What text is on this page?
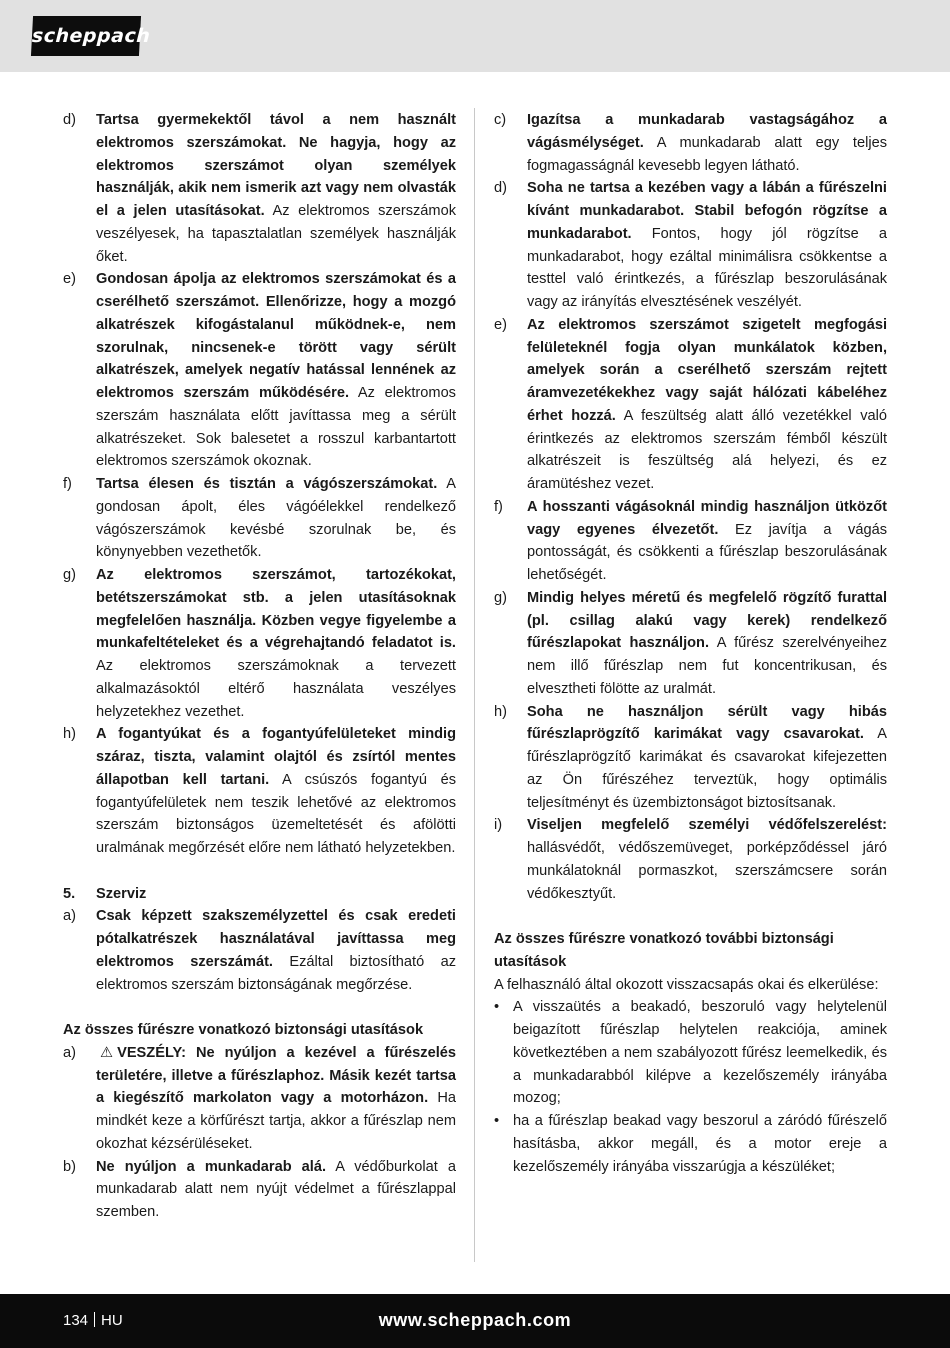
scheppach
d)	Tartsa gyermekektől távol a nem használt elektromos szerszámokat. Ne hagyja, hogy az elektromos szerszámot olyan személyek használják, akik nem ismerik azt vagy nem olvasták el a jelen utasításokat. Az elektromos szerszámok veszélyesek, ha tapasztalatlan személyek használják őket.
e)	Gondosan ápolja az elektromos szerszámokat és a cserélhető szerszámot. Ellenőrizze, hogy a mozgó alkatrészek kifogástalanul működnek-e, nem szorulnak, nincsenek-e törött vagy sérült alkatrészek, amelyek negatív hatással lennének az elektromos szerszám működésére. Az elektromos szerszám használata előtt javíttassa meg a sérült alkatrészeket. Sok balesetet a rosszul karbantartott elektromos szerszámok okoznak.
f)	Tartsa élesen és tisztán a vágószerszámokat. A gondosan ápolt, éles vágóélekkel rendelkező vágószerszámok kevésbé szorulnak be, és könynyebben vezethetők.
g)	Az elektromos szerszámot, tartozékokat, betétszerszámokat stb. a jelen utasításoknak megfelelően használja. Közben vegye figyelembe a munkafeltételeket és a végrehajtandó feladatot is. Az elektromos szerszámoknak a tervezett alkalmazásoktól eltérő használata veszélyes helyzetekhez vezethet.
h)	A fogantyúkat és a fogantyúfelületeket mindig száraz, tiszta, valamint olajtól és zsírtól mentes állapotban kell tartani. A csúszós fogantyú és fogantyúfelületek nem teszik lehetővé az elektromos szerszám biztonságos üzemeltetését és afölötti uralmának megőrzését előre nem látható helyzetekben.
5.	Szerviz
a)	Csak képzett szakszemélyzettel és csak eredeti pótalkatrészek használatával javíttassa meg elektromos szerszámát. Ezáltal biztosítható az elektromos szerszám biztonságának megőrzése.
Az összes fűrészre vonatkozó biztonsági utasítások
a)	⚠ VESZÉLY: Ne nyúljon a kezével a fűrészelés területére, illetve a fűrészlaphoz. Másik kezét tartsa a kiegészítő markolaton vagy a motorházon. Ha mindkét keze a körfűrészt tartja, akkor a fűrészlap nem okozhat kézsérüléseket.
b)	Ne nyúljon a munkadarab alá. A védőburkolat a munkadarab alatt nem nyújt védelmet a fűrészlappal szemben.
c)	Igazítsa a munkadarab vastagságához a vágásmélységet. A munkadarab alatt egy teljes fogmagasságnál kevesebb legyen látható.
d)	Soha ne tartsa a kezében vagy a lábán a fűrészelni kívánt munkadarabot. Stabil befogón rögzítse a munkadarabot. Fontos, hogy jól rögzítse a munkadarabot, hogy ezáltal minimálisra csökkentse a testtel való érintkezés, a fűrészlap beszorulásának vagy az irányítás elvesztésének veszélyét.
e)	Az elektromos szerszámot szigetelt megfogási felületeknél fogja olyan munkálatok közben, amelyek során a cserélhető szerszám rejtett áramvezetékekhez vagy saját hálózati kábeléhez érhet hozzá. A feszültség alatt álló vezetékkel való érintkezés az elektromos szerszám fémből készült alkatrészeit is feszültség alá helyezi, és ez áramütéshez vezet.
f)	A hosszanti vágásoknál mindig használjon ütközőt vagy egyenes élvezetőt. Ez javítja a vágás pontosságát, és csökkenti a fűrészlap beszorulásának lehetőségét.
g)	Mindig helyes méretű és megfelelő rögzítő furattal (pl. csillag alakú vagy kerek) rendelkező fűrészlapokat használjon. A fűrész szerelvényeihez nem illő fűrészlap nem fut koncentrikusan, és elvesztheti fölötte az uralmát.
h)	Soha ne használjon sérült vagy hibás fűrészlaprögzítő karimákat vagy csavarokat. A fűrészlaprögzítő karimákat és csavarokat kifejezetten az Ön fűrészéhez terveztük, hogy optimális teljesítményt és üzembiztonságot biztosítsanak.
i)	Viseljen megfelelő személyi védőfelszerelést: hallásvédőt, védőszemüveget, porképződéssel járó munkálatoknál pormaszkot, szerszámcsere során védőkesztyűt.
Az összes fűrészre vonatkozó további biztonsági utasítások
A felhasználó által okozott visszacsapás okai és elkerülése:
• A visszaütés a beakadó, beszoruló vagy helytelenül beigazított fűrészlap helytelen reakciója, aminek következtében a nem szabályozott fűrész leemelkedik, és a munkadarabból kilépve a kezelőszemély irányába mozog;
• ha a fűrészlap beakad vagy beszorul a záródó fűrészelő hasításba, akkor megáll, és a motor ereje a kezelőszemély irányába visszarúgja a készüléket;
134 HU	www.scheppach.com
